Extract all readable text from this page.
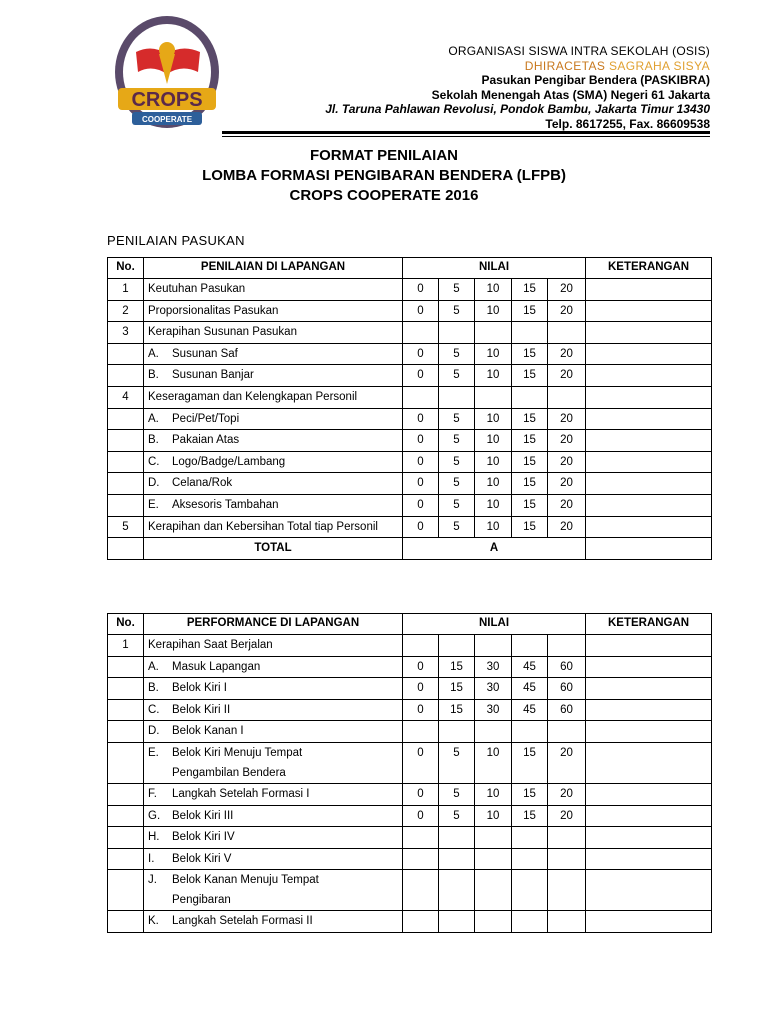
CROPS
COOPERATE
2016
ORGANISASI SISWA INTRA SEKOLAH (OSIS)
DHIRACETAS SAGRAHA SISYA
Pasukan Pengibar Bendera (PASKIBRA)
Sekolah Menengah Atas (SMA) Negeri 61 Jakarta
Jl. Taruna Pahlawan Revolusi, Pondok Bambu, Jakarta Timur 13430
Telp. 8617255, Fax. 86609538
FORMAT PENILAIAN
LOMBA FORMASI PENGIBARAN BENDERA (LFPB)
CROPS COOPERATE 2016
PENILAIAN PASUKAN
No.	PENILAIAN DI LAPANGAN	NILAI					KETERANGAN
1	Keutuhan Pasukan	0	5	10	15	20	
2	Proporsionalitas Pasukan	0	5	10	15	20	
3	Kerapihan Susunan Pasukan						
	A. Susunan Saf	0	5	10	15	20	
	B. Susunan Banjar	0	5	10	15	20	
4	Keseragaman dan Kelengkapan Personil						
	A. Peci/Pet/Topi	0	5	10	15	20	
	B. Pakaian Atas	0	5	10	15	20	
	C. Logo/Badge/Lambang	0	5	10	15	20	
	D. Celana/Rok	0	5	10	15	20	
	E. Aksesoris Tambahan	0	5	10	15	20	
5	Kerapihan dan Kebersihan Total tiap Personil	0	5	10	15	20	
	TOTAL	A					
No.	PERFORMANCE DI LAPANGAN	NILAI					KETERANGAN
1	Kerapihan Saat Berjalan						
	A. Masuk Lapangan	0	15	30	45	60	
	B. Belok Kiri I	0	15	30	45	60	
	C. Belok Kiri II	0	15	30	45	60	
	D. Belok Kanan I						
	E. Belok Kiri Menuju Tempat Pengambilan Bendera	0	5	10	15	20	
	F. Langkah Setelah Formasi I	0	5	10	15	20	
	G. Belok Kiri III	0	5	10	15	20	
	H. Belok Kiri IV						
	I. Belok Kiri V						
	J. Belok Kanan Menuju Tempat Pengibaran						
	K. Langkah Setelah Formasi II						
